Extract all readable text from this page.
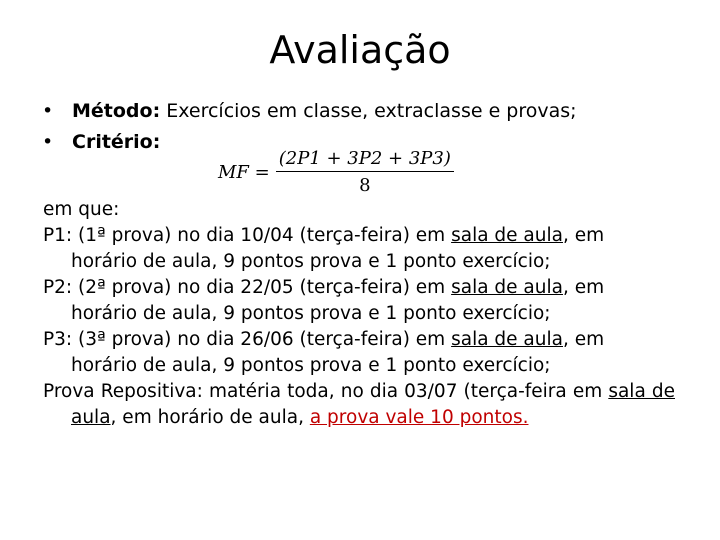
Avaliação
• Método: Exercícios em classe, extraclasse e provas;
• Critério:
MF = $\frac{(2P1 + 3P2 + 3P3)}{8}$
em que:
P1: (1ª prova) no dia 10/04 (terça-feira) em sala de aula, em horário de aula, 9 pontos prova e 1 ponto exercício;
P2: (2ª prova) no dia 22/05 (terça-feira) em sala de aula, em horário de aula, 9 pontos prova e 1 ponto exercício;
P3: (3ª prova) no dia 26/06 (terça-feira) em sala de aula, em horário de aula, 9 pontos prova e 1 ponto exercício;
Prova Repositiva: matéria toda, no dia 03/07 (terça-feira em sala de aula, em horário de aula, a prova vale 10 pontos.
